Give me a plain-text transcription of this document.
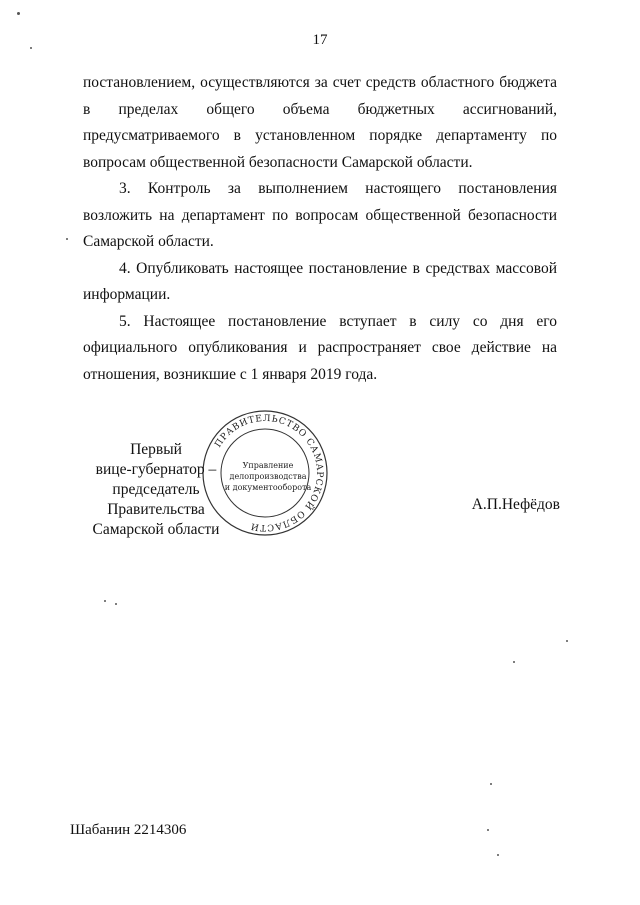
17

постановлением, осуществляются за счет средств областного бюджета в пределах общего объема бюджетных ассигнований, предусматриваемого в установленном порядке департаменту по вопросам общественной безопасности Самарской области.

3. Контроль за выполнением настоящего постановления возложить на департамент по вопросам общественной безопасности Самарской области.

4. Опубликовать настоящее постановление в средствах массовой информации.

5. Настоящее постановление вступает в силу со дня его официального опубликования и распространяет свое действие на отношения, возникшие с 1 января 2019 года.

Первый
вице-губернатор –
председатель Правительства
Самарской области
ПРАВИТЕЛЬСТВО САМАРСКОЙ ОБЛАСТИ
Управление
делопроизводства
и документооборота
А.П.Нефёдов
Шабанин 2214306
